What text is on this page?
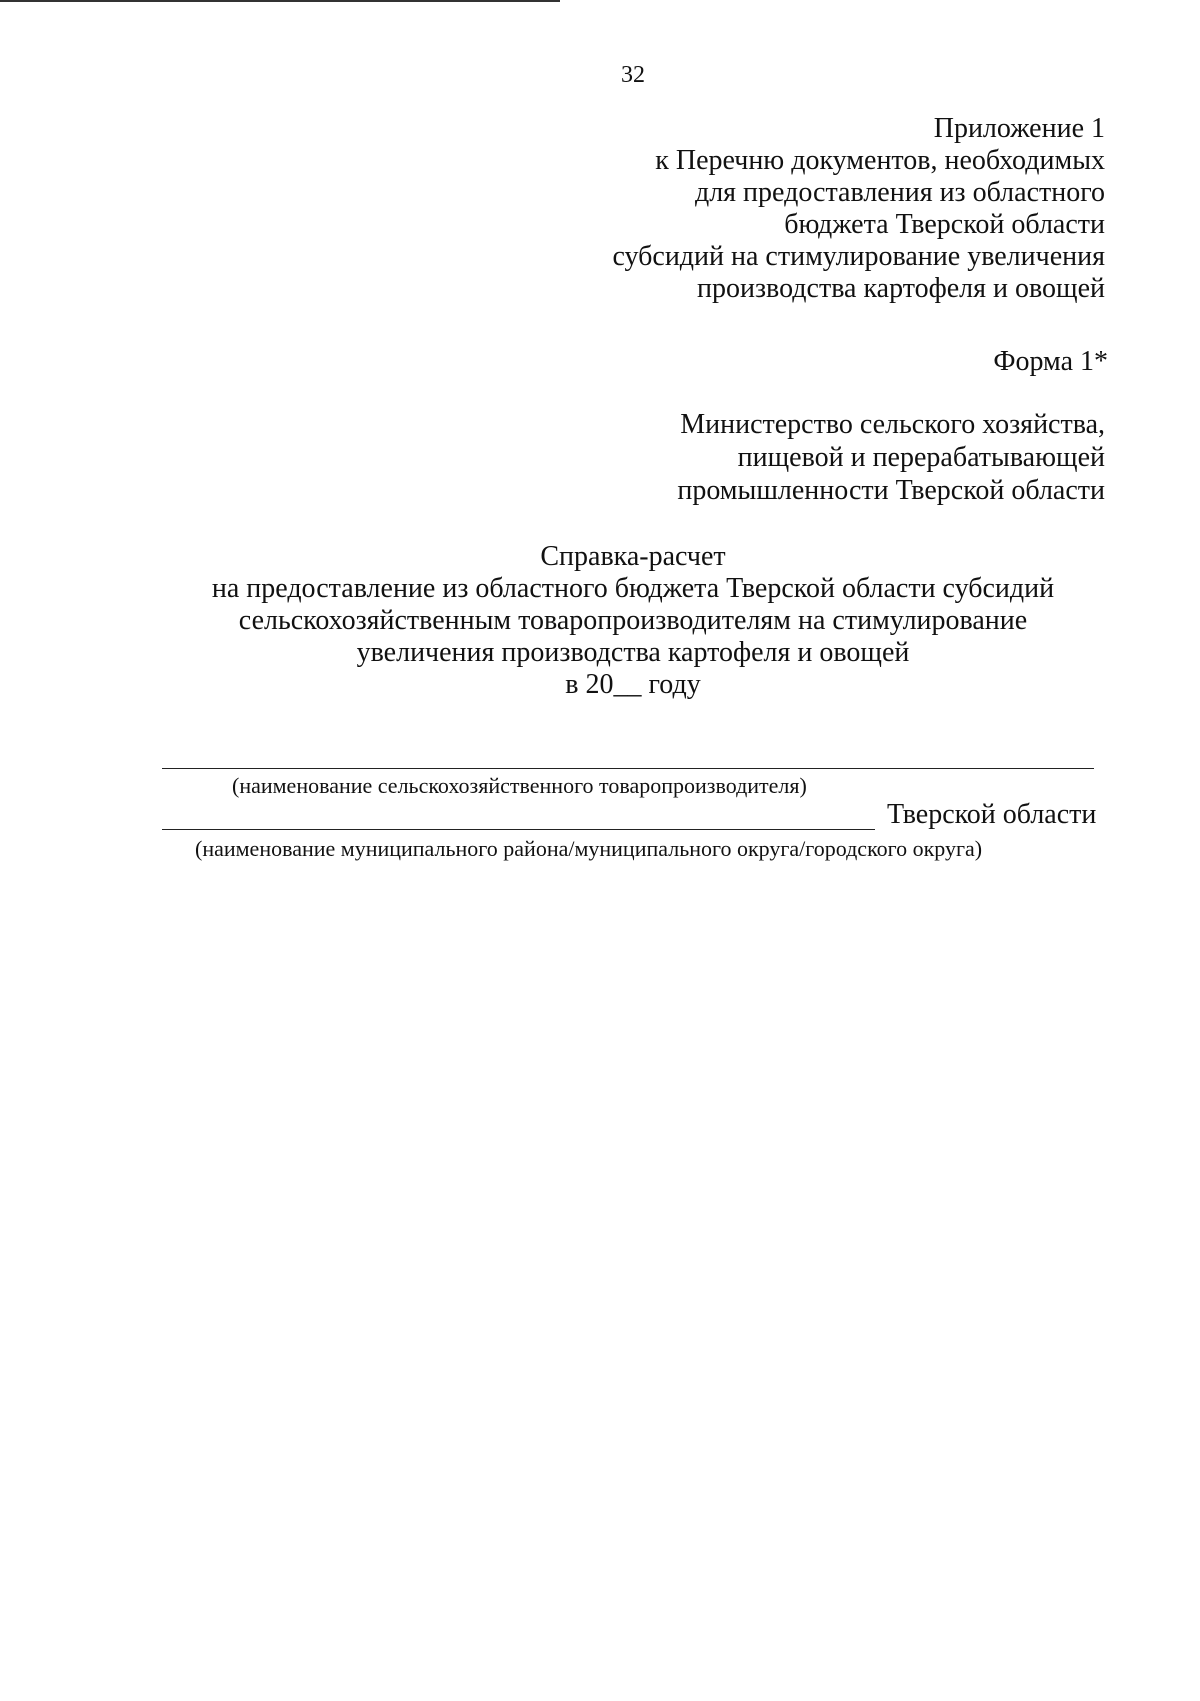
32
Приложение 1
к Перечню документов, необходимых
для предоставления из областного
бюджета Тверской области
субсидий на стимулирование увеличения
производства картофеля и овощей
Форма 1*
Министерство сельского хозяйства,
пищевой и перерабатывающей
промышленности Тверской области
Справка-расчет
на предоставление из областного бюджета Тверской области субсидий
сельскохозяйственным товаропроизводителям на стимулирование
увеличения производства картофеля и овощей
в 20__ году
(наименование сельскохозяйственного товаропроизводителя)
Тверской области
(наименование муниципального района/муниципального округа/городского округа)
